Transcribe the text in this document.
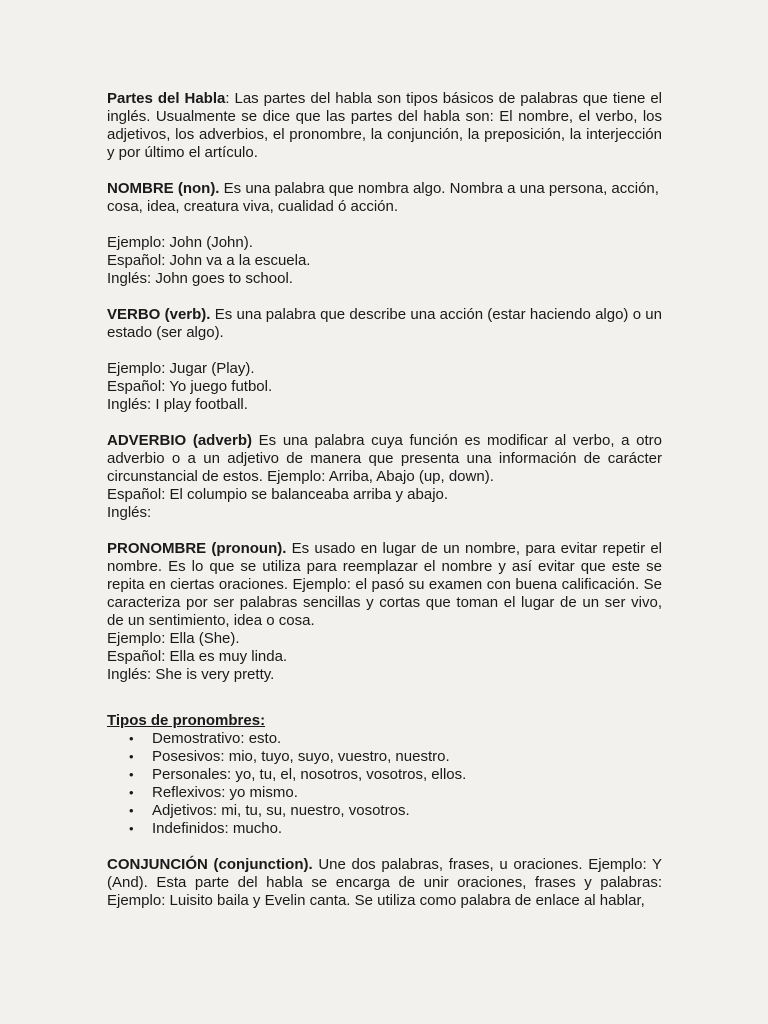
Partes del Habla: Las partes del habla son tipos básicos de palabras que tiene el inglés. Usualmente se dice que las partes del habla son: El nombre, el verbo, los adjetivos, los adverbios, el pronombre, la conjunción, la preposición, la interjección y por último el artículo.

NOMBRE (non). Es una palabra que nombra algo. Nombra a una persona, acción, cosa, idea, creatura viva, cualidad ó acción.

Ejemplo: John (John).

Español: John va a la escuela.

Inglés: John goes to school.

VERBO (verb). Es una palabra que describe una acción (estar haciendo algo) o un estado (ser algo).

Ejemplo: Jugar (Play).

Español: Yo juego futbol.

Inglés: I play football.

ADVERBIO (adverb) Es una palabra cuya función es modificar al verbo, a otro adverbio o a un adjetivo de manera que presenta una información de carácter circunstancial de estos. Ejemplo: Arriba, Abajo (up, down).

Español: El columpio se balanceaba arriba y abajo.

Inglés:

PRONOMBRE (pronoun). Es usado en lugar de un nombre, para evitar repetir el nombre. Es lo que se utiliza para reemplazar el nombre y así evitar que este se repita en ciertas oraciones. Ejemplo: el pasó su examen con buena calificación. Se caracteriza por ser palabras sencillas y cortas que toman el lugar de un ser vivo, de un sentimiento, idea o cosa.

Ejemplo: Ella (She).

Español: Ella es muy linda.

Inglés: She is very pretty.

Tipos de pronombres:

• Demostrativo: esto.
• Posesivos: mio, tuyo, suyo, vuestro, nuestro.
• Personales: yo, tu, el, nosotros, vosotros, ellos.
• Reflexivos: yo mismo.
• Adjetivos: mi, tu, su, nuestro, vosotros.
• Indefinidos: mucho.

CONJUNCIÓN (conjunction). Une dos palabras, frases, u oraciones. Ejemplo: Y (And). Esta parte del habla se encarga de unir oraciones, frases y palabras: Ejemplo: Luisito baila y Evelin canta. Se utiliza como palabra de enlace al hablar,
